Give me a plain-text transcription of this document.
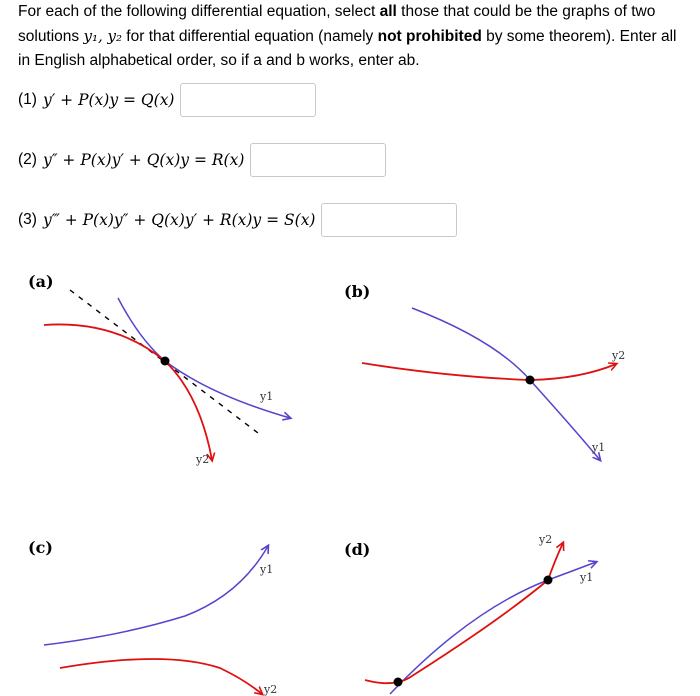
For each of the following differential equation, select all those that could be the graphs of two
solutions y₁, y₂ for that differential equation (namely not prohibited by some theorem). Enter all
in English alphabetical order, so if a and b works, enter ab.
(1) y′ + P(x)y = Q(x)
(2) y″ + P(x)y′ + Q(x)y = R(x)
(3) y‴ + P(x)y″ + Q(x)y′ + R(x)y = S(x)
(a)
(b)
(c)	(d)
y1
y2
y1
y2
y1
y2
y1
y2
